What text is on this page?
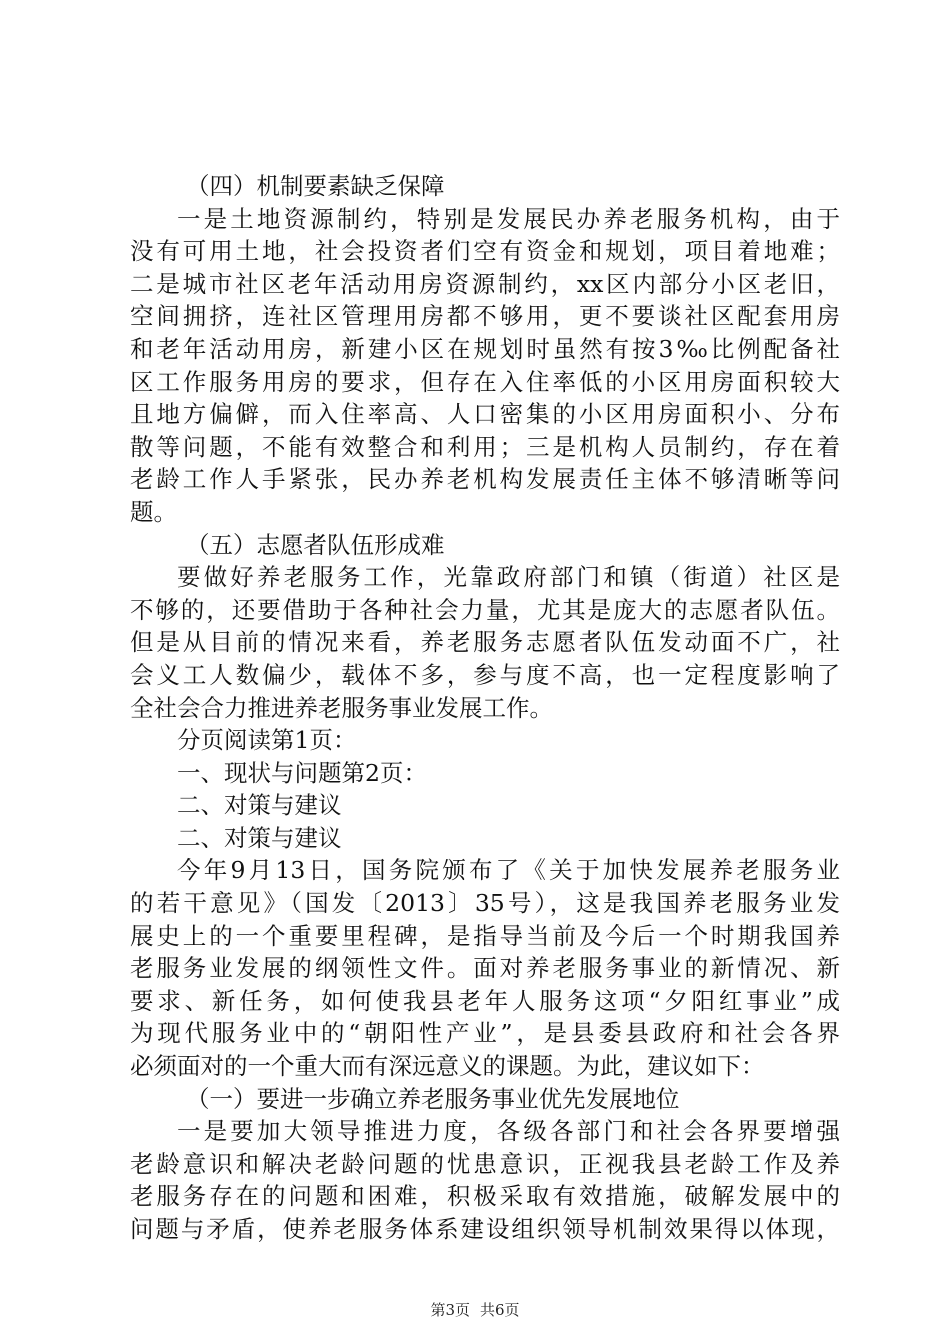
（四）机制要素缺乏保障
一是土地资源制约，特别是发展民办养老服务机构，由于
没有可用土地，社会投资者们空有资金和规划，项目着地难；
二是城市社区老年活动用房资源制约，xx区内部分小区老旧，
空间拥挤，连社区管理用房都不够用，更不要谈社区配套用房
和老年活动用房，新建小区在规划时虽然有按3‰比例配备社
区工作服务用房的要求，但存在入住率低的小区用房面积较大
且地方偏僻，而入住率高、人口密集的小区用房面积小、分布
散等问题，不能有效整合和利用；三是机构人员制约，存在着
老龄工作人手紧张，民办养老机构发展责任主体不够清晰等问
题。
（五）志愿者队伍形成难
要做好养老服务工作，光靠政府部门和镇（街道）社区是
不够的，还要借助于各种社会力量，尤其是庞大的志愿者队伍。
但是从目前的情况来看，养老服务志愿者队伍发动面不广，社
会义工人数偏少，载体不多，参与度不高，也一定程度影响了
全社会合力推进养老服务事业发展工作。
分页阅读第1页：
一、现状与问题第2页：
二、对策与建议
二、对策与建议
今年9月13日，国务院颁布了《关于加快发展养老服务业
的若干意见》（国发〔2013〕35号），这是我国养老服务业发
展史上的一个重要里程碑，是指导当前及今后一个时期我国养
老服务业发展的纲领性文件。面对养老服务事业的新情况、新
要求、新任务，如何使我县老年人服务这项“夕阳红事业”成
为现代服务业中的“朝阳性产业”，是县委县政府和社会各界
必须面对的一个重大而有深远意义的课题。为此，建议如下：
（一）要进一步确立养老服务事业优先发展地位
一是要加大领导推进力度，各级各部门和社会各界要增强
老龄意识和解决老龄问题的忧患意识，正视我县老龄工作及养
老服务存在的问题和困难，积极采取有效措施，破解发展中的
问题与矛盾，使养老服务体系建设组织领导机制效果得以体现，
第3页 共6页
